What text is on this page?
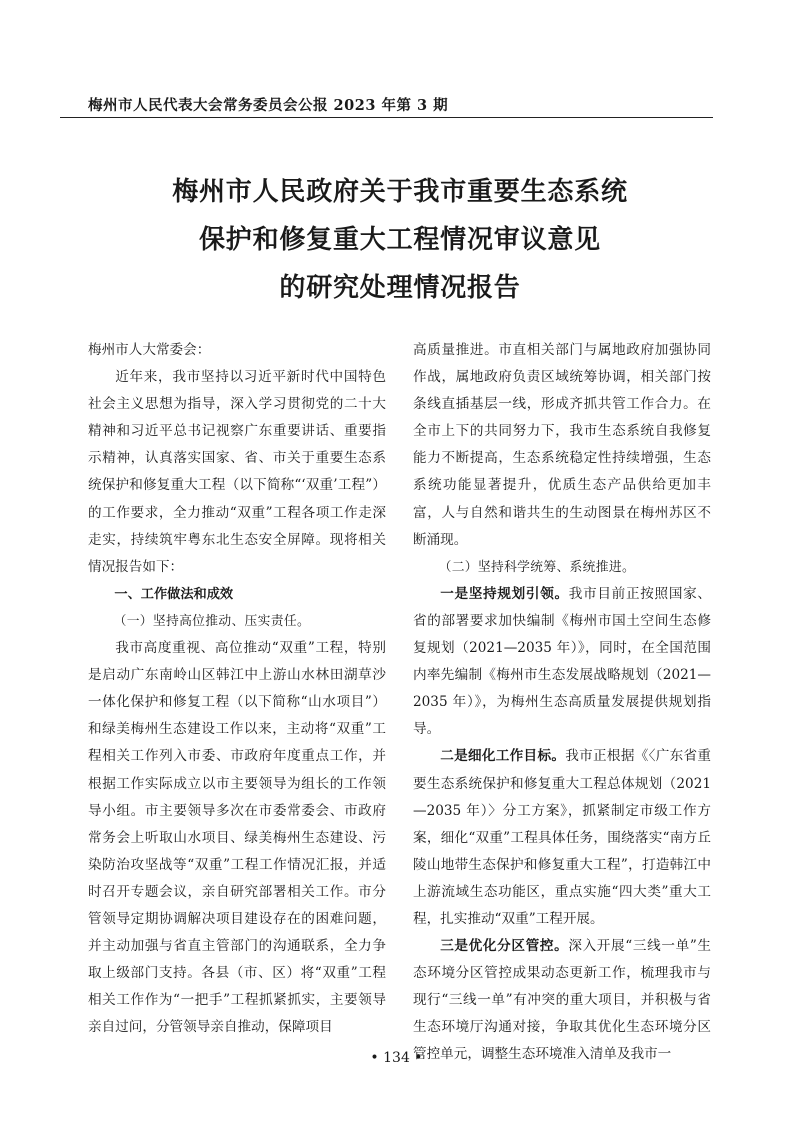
梅州市人民代表大会常务委员会公报 2023 年第 3 期
梅州市人民政府关于我市重要生态系统
保护和修复重大工程情况审议意见
的研究处理情况报告

梅州市人大常委会：

近年来，我市坚持以习近平新时代中国特色社会主义思想为指导，深入学习贯彻党的二十大精神和习近平总书记视察广东重要讲话、重要指示精神，认真落实国家、省、市关于重要生态系统保护和修复重大工程（以下简称“‘双重’工程”）的工作要求，全力推动“双重”工程各项工作走深走实，持续筑牢粤东北生态安全屏障。现将相关情况报告如下：

一、工作做法和成效

（一）坚持高位推动、压实责任。

我市高度重视、高位推动“双重”工程，特别是启动广东南岭山区韩江中上游山水林田湖草沙一体化保护和修复工程（以下简称“山水项目”）和绿美梅州生态建设工作以来，主动将“双重”工程相关工作列入市委、市政府年度重点工作，并根据工作实际成立以市主要领导为组长的工作领导小组。市主要领导多次在市委常委会、市政府常务会上听取山水项目、绿美梅州生态建设、污染防治攻坚战等“双重”工程工作情况汇报，并适时召开专题会议，亲自研究部署相关工作。市分管领导定期协调解决项目建设存在的困难问题，并主动加强与省直主管部门的沟通联系，全力争取上级部门支持。各县（市、区）将“双重”工程相关工作作为“一把手”工程抓紧抓实，主要领导亲自过问，分管领导亲自推动，保障项目

高质量推进。市直相关部门与属地政府加强协同作战，属地政府负责区域统筹协调，相关部门按条线直插基层一线，形成齐抓共管工作合力。在全市上下的共同努力下，我市生态系统自我修复能力不断提高，生态系统稳定性持续增强，生态系统功能显著提升，优质生态产品供给更加丰富，人与自然和谐共生的生动图景在梅州苏区不断涌现。

（二）坚持科学统筹、系统推进。

一是坚持规划引领。我市目前正按照国家、省的部署要求加快编制《梅州市国土空间生态修复规划（2021—2035 年）》，同时，在全国范围内率先编制《梅州市生态发展战略规划（2021—2035 年）》，为梅州生态高质量发展提供规划指导。

二是细化工作目标。我市正根据《〈广东省重要生态系统保护和修复重大工程总体规划（2021—2035 年）〉分工方案》，抓紧制定市级工作方案，细化“双重”工程具体任务，围绕落实“南方丘陵山地带生态保护和修复重大工程”，打造韩江中上游流域生态功能区，重点实施“四大类”重大工程，扎实推动“双重”工程开展。

三是优化分区管控。深入开展“三线一单”生态环境分区管控成果动态更新工作，梳理我市与现行“三线一单”有冲突的重大项目，并积极与省生态环境厅沟通对接，争取其优化生态环境分区管控单元，调整生态环境准入清单及我市一

• 134 •
